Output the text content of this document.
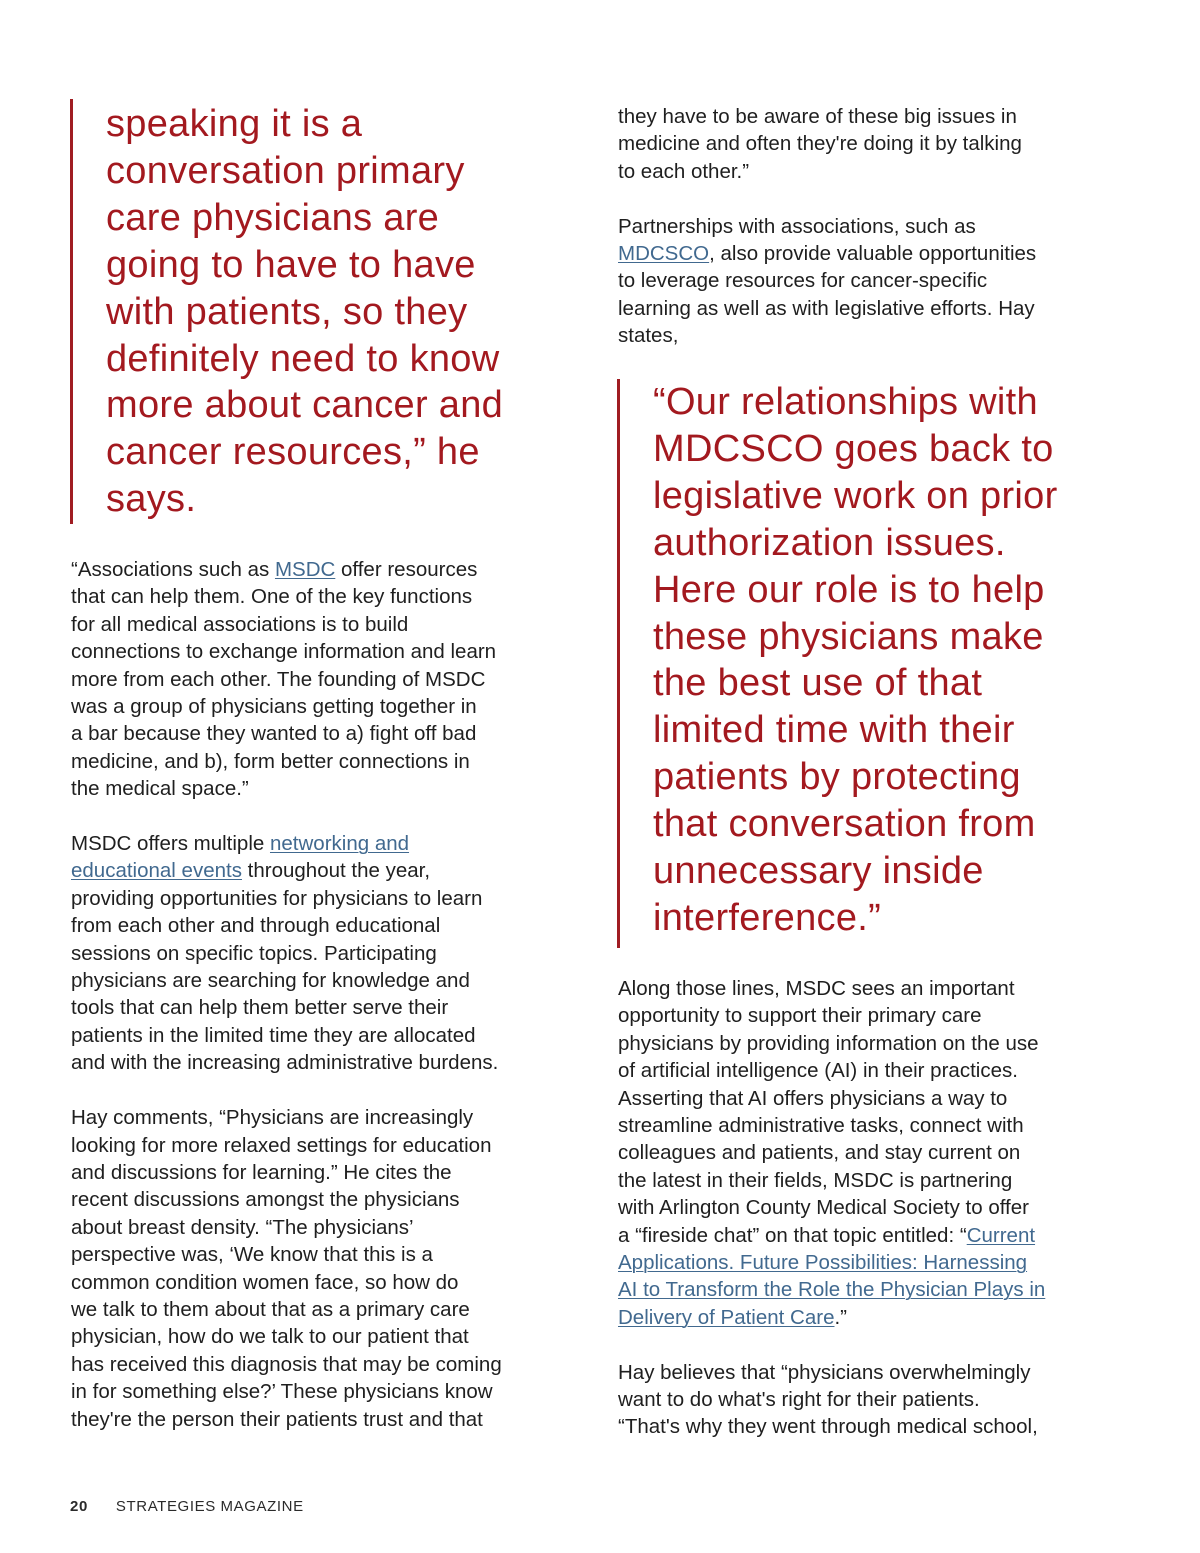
speaking it is a
conversation primary
care physicians are
going to have to have
with patients, so they
definitely need to know
more about cancer and
cancer resources,” he
says.

“Associations such as MSDC offer resources
that can help them. One of the key functions
for all medical associations is to build
connections to exchange information and learn
more from each other. The founding of MSDC
was a group of physicians getting together in
a bar because they wanted to a) fight off bad
medicine, and b), form better connections in
the medical space.”

MSDC offers multiple networking and
educational events throughout the year,
providing opportunities for physicians to learn
from each other and through educational
sessions on specific topics. Participating
physicians are searching for knowledge and
tools that can help them better serve their
patients in the limited time they are allocated
and with the increasing administrative burdens.

Hay comments, “Physicians are increasingly
looking for more relaxed settings for education
and discussions for learning.” He cites the
recent discussions amongst the physicians
about breast density. “The physicians’
perspective was, ‘We know that this is a
common condition women face, so how do
we talk to them about that as a primary care
physician, how do we talk to our patient that
has received this diagnosis that may be coming
in for something else?’ These physicians know
they're the person their patients trust and that

they have to be aware of these big issues in
medicine and often they're doing it by talking
to each other.”

Partnerships with associations, such as
MDCSCO, also provide valuable opportunities
to leverage resources for cancer-specific
learning as well as with legislative efforts. Hay
states,

“Our relationships with
MDCSCO goes back to
legislative work on prior
authorization issues.
Here our role is to help
these physicians make
the best use of that
limited time with their
patients by protecting
that conversation from
unnecessary inside
interference.”

Along those lines, MSDC sees an important
opportunity to support their primary care
physicians by providing information on the use
of artificial intelligence (AI) in their practices.
Asserting that AI offers physicians a way to
streamline administrative tasks, connect with
colleagues and patients, and stay current on
the latest in their fields, MSDC is partnering
with Arlington County Medical Society to offer
a “fireside chat” on that topic entitled: “Current
Applications. Future Possibilities: Harnessing
AI to Transform the Role the Physician Plays in
Delivery of Patient Care.”

Hay believes that “physicians overwhelmingly
want to do what's right for their patients.
“That's why they went through medical school,

20 STRATEGIES MAGAZINE
